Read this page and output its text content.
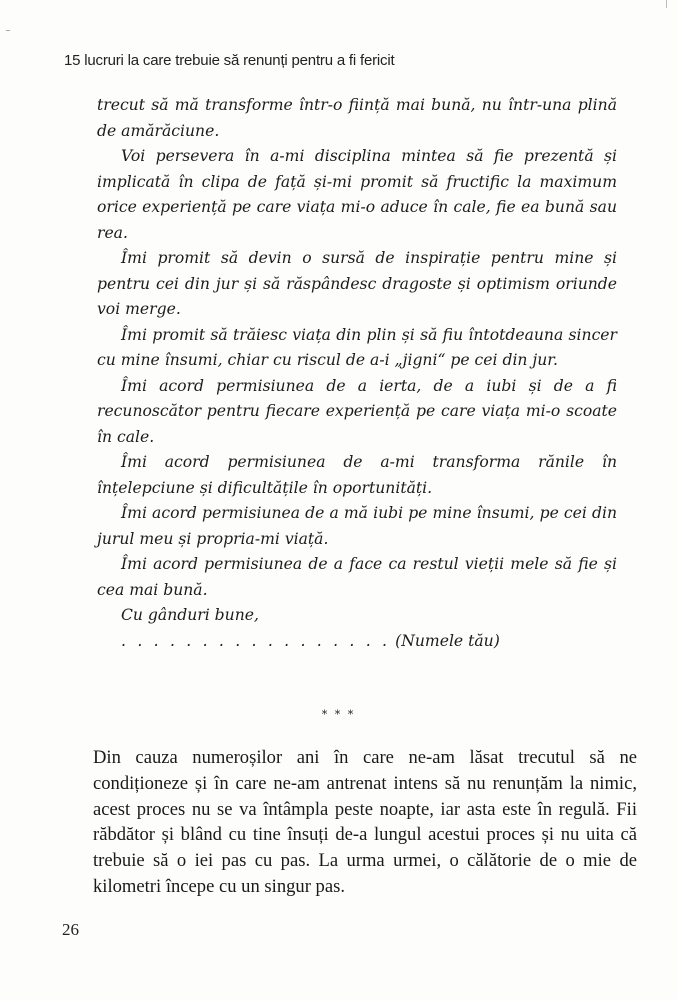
15 lucruri la care trebuie să renunți pentru a fi fericit

trecut să mă transforme într-o ființă mai bună, nu într-una plină de amărăciune.

Voi persevera în a-mi disciplina mintea să fie prezentă și implicată în clipa de față și-mi promit să fructific la maximum orice experiență pe care viața mi-o aduce în cale, fie ea bună sau rea.

Îmi promit să devin o sursă de inspirație pentru mine și pentru cei din jur și să răspândesc dragoste și optimism oriunde voi merge.

Îmi promit să trăiesc viața din plin și să fiu întotdeauna sincer cu mine însumi, chiar cu riscul de a-i „jigni“ pe cei din jur.

Îmi acord permisiunea de a ierta, de a iubi și de a fi recunoscător pentru fiecare experiență pe care viața mi-o scoate în cale.

Îmi acord permisiunea de a-mi transforma rănile în înțelepciune și dificultățile în oportunități.

Îmi acord permisiunea de a mă iubi pe mine însumi, pe cei din jurul meu și propria-mi viață.

Îmi acord permisiunea de a face ca restul vieții mele să fie și cea mai bună.

Cu gânduri bune,

. . . . . . . . . . . . . . . . . (Numele tău)

* * *
Din cauza numeroșilor ani în care ne-am lăsat trecutul să ne condiționeze și în care ne-am antrenat intens să nu renunțăm la nimic, acest proces nu se va întâmpla peste noapte, iar asta este în regulă. Fii răbdător și blând cu tine însuți de-a lungul acestui proces și nu uita că trebuie să o iei pas cu pas. La urma urmei, o călătorie de o mie de kilometri începe cu un singur pas.
26
